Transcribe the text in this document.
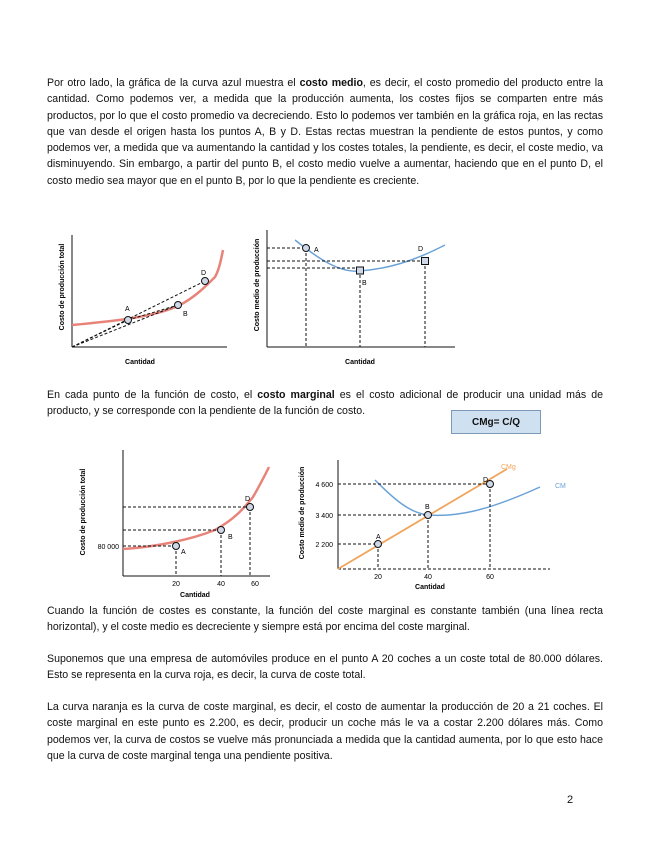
Por otro lado, la gráfica de la curva azul muestra el costo medio, es decir, el costo promedio del producto entre la cantidad. Como podemos ver, a medida que la producción aumenta, los costes fijos se comparten entre más productos, por lo que el costo promedio va decreciendo. Esto lo podemos ver también en la gráfica roja, en las rectas que van desde el origen hasta los puntos A, B y D. Estas rectas muestran la pendiente de estos puntos, y como podemos ver, a medida que va aumentando la cantidad y los costes totales, la pendiente, es decir, el coste medio, va disminuyendo. Sin embargo, a partir del punto B, el costo medio vuelve a aumentar, haciendo que en el punto D, el costo medio sea mayor que en el punto B, por lo que la pendiente es creciente.

Costo de producción total	A
B
D
Cantidad
Costo medio de producción	A
B
D
Cantidad

En cada punto de la función de costo, el costo marginal es el costo adicional de producir una unidad más de producto, y se corresponde con la pendiente de la función de costo.

CMg= C/Q
Costo de producción total	A
B
D
80 000
20	40	60
Cantidad
Costo medio de producción	A
B
D
4 600
3 400
2 200
20	40	60
Cantidad
CMg
CM

Cuando la función de costes es constante, la función del coste marginal es constante también (una línea recta horizontal), y el coste medio es decreciente y siempre está por encima del coste marginal.

Suponemos que una empresa de automóviles produce en el punto A 20 coches a un coste total de 80.000 dólares. Esto se representa en la curva roja, es decir, la curva de coste total.

La curva naranja es la curva de coste marginal, es decir, el costo de aumentar la producción de 20 a 21 coches. El coste marginal en este punto es 2.200, es decir, producir un coche más le va a costar 2.200 dólares más. Como podemos ver, la curva de costos se vuelve más pronunciada a medida que la cantidad aumenta, por lo que esto hace que la curva de coste marginal tenga una pendiente positiva.

2
